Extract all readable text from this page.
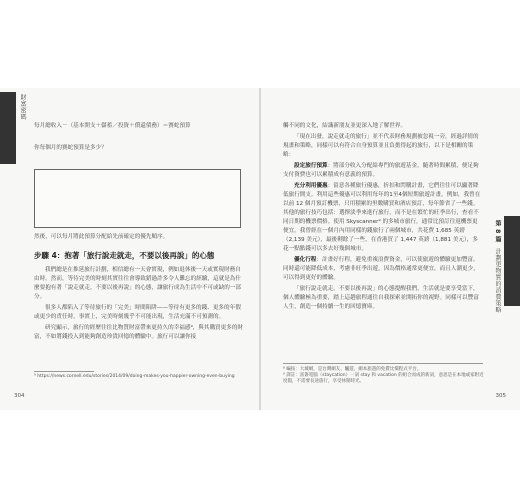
財富密碼
每月總收入－（基本開支＋儲蓄／投資＋償還債務）＝賽蛇預算
你每個月的賽蛇預算是多少？
然後，可以每月將此預算分配給先前確定的優先順序。
步驟 4：抱著「旅行說走就走，不要以後再說」的心態

我們總是在推延旅行計劃，相信總有一天會實現，例如退休後一天或實現財務自由時。然而，等待完美的時刻其實往往會導致錯過許多令人難忘的經驗，這就是為什麼要抱有著「說走就走，不要以後再說」的心態，讓旅行成為生活中不可或缺的一部分。

很多人都陷入了等待旅行的「完美」時間陷阱——等待有更多的錢、更多的年假或更少的責任時，事實上，完美時刻幾乎不可能出現，生活充滿不可預測的。

研究顯示，旅行的經歷往往比物質財富帶來更持久的幸福感⁹，與其購買更多的財富，不如將錢投入到能夠創造珍貴回憶的體驗中。旅行可以讓你接

⁹ https://news.cornell.edu/stories/2014/09/doing-makes-you-happier-owning-even-buying
304
第 8 篇 計劃更物質的消費策略

觸不同的文化，結識新朋友並更深入地了解世界。

「現在出發，說走就走的旅行」並不代表財務規劃被忽視一旁，經過詳情的規畫和策略，同樣可以有符合自身預算並且負擔得起的旅行，以下是相關的策略：

設定旅行預算：將部分收入分配給專門的旅遊基金，隨著時間累積，便足夠支付資費也可以累積成有意義的預算。

充分利用優惠：留意各種旅行優惠，折扣和閃購計畫，它們往往可以顯著降低旅行開支。利用這些優惠可以利用每年的1至4個短期旅遊計畫，例如，我曾在以前 12 個月預訂機票，只用積累的里數購買和酒店預訂，每年節省了一些錢。其他的旅行技巧包括：選擇淡季來進行旅行，而不是在繁忙的旺季出行，查看不同日期的機票價格。使用 Skyscanner⁹ 的多城市旅行，通常比預訂往返機票更便宜。我曾經在一個月內用同樣的錢旅行了兩個城市，共花費 1,685 英鎊（2,139 美元），最後剩餘了一些，在香港買了 1,447 英鎊（1,881 美元），多花一點點錢可以多去好幾個城市。

優化行程：計畫好行程，避免重複浪費資金，可以使旅遊的體驗更加豐富。同時還可能降低成本，考慮非旺季出遊，因為價格通常更便宜，而且人潮更少，可以得到更好的體驗。

「旅行說走就走，不要以後再說」的心態提醒我們，生活就是要享受當下，個人體驗極為重要，踏上這趟旅程通往自我探索並開拓你的視野。同樣可以豐富人生，創造一個持續一生的回憶寶庫。

⁸ 編按：大城網，是台灣網友、驢遊、網本旅遊的免費比價程式平台。
⁹ 譯註：富簽電腦（staycation）一詞 stay 和 vacation 的組合而成的新詞，意思是在本地或家附近度假，不需要長途旅行，享受休閒時光。
305
